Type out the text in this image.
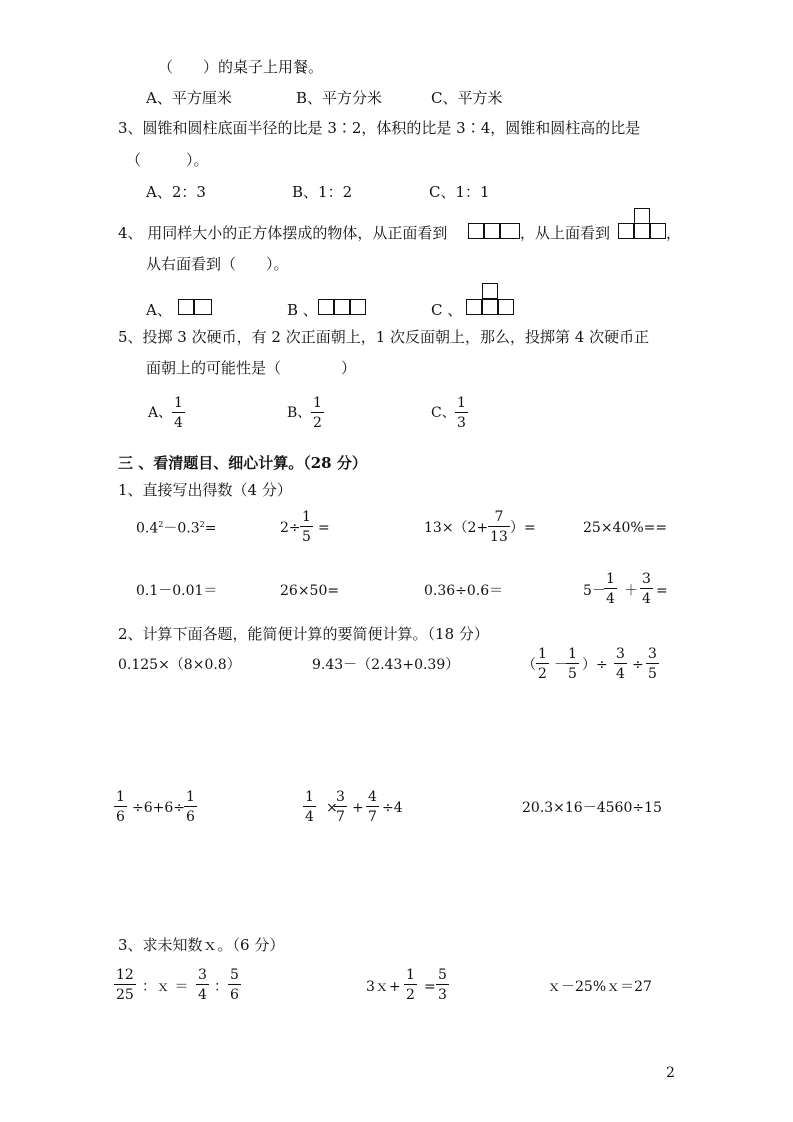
（　　）的桌子上用餐。
A、平方厘米	B、平方分米	C、平方米
3、圆锥和圆柱底面半径的比是 3∶2，体积的比是 3∶4，圆锥和圆柱高的比是
（　　　）。
A、2：3	B、1：2	C、1：1
4、 用同样大小的正方体摆成的物体，从正面看到	，从上面看到	，
从右面看到（　　）。
A、	B 、	C 、
5、投掷 3 次硬币，有 2 次正面朝上，1 次反面朝上，那么，投掷第 4 次硬币正
面朝上的可能性是（　　　　）
A、 $\frac{1}{4}$	B、 $\frac{1}{2}$	C、 $\frac{1}{3}$
三 、看清题目、细心计算。（28 分）
1、直接写出得数（4 分）
$0.4^2-0.3^2=$	$2\div \frac{1}{5}$ =	$13\times(2+ \frac{7}{13}$ ）=	25×40%==
0.1－0.01＝	26×50=	0.36÷0.6＝	5－
$\frac{1}{4} + \frac{3}{4}$ =
2、计算下面各题，能简便计算的要简便计算。（18 分）
0.125×（8×0.8）	9.43－（2.43+0.39）	（ $\frac{1}{2}$ －
$\frac{1}{5}$ ）÷ $\frac{3}{4} \div \frac{3}{5}$
$\frac{1}{6} \div 6+6\div$
$\frac{1}{6}$	$\frac{1}{4}$ ×
$\frac{3}{7} + \frac{4}{7} \div 4$	20.3×16－4560÷15
3、求未知数ｘ。（6 分）
$\frac{12}{25}$ ：ｘ ＝ $\frac{3}{4}$ ： $\frac{5}{6}$	3ｘ+ $\frac{1}{2} = \frac{5}{3}$	ｘ－25%ｘ＝27
2
